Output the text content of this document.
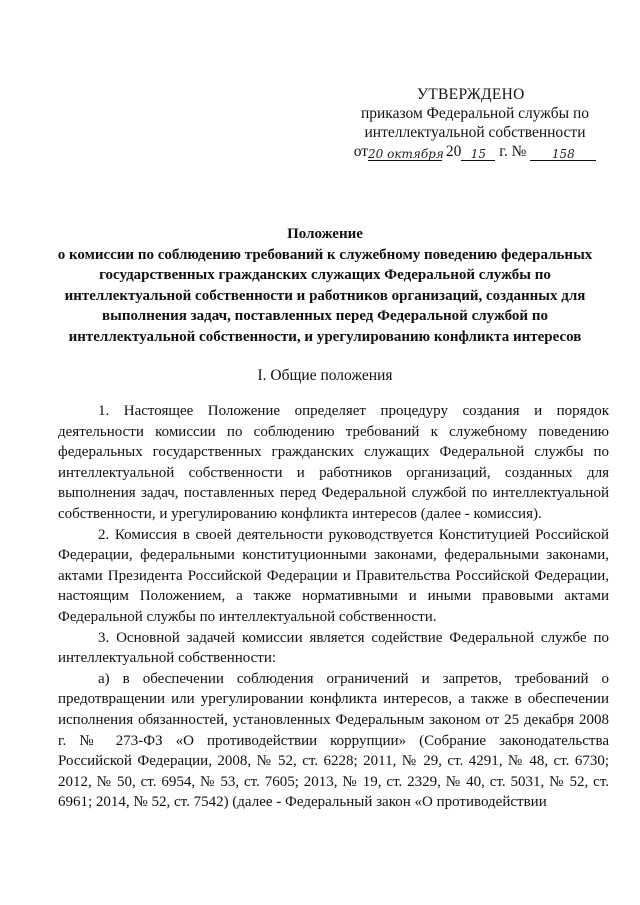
УТВЕРЖДЕНО
приказом Федеральной службы по
интеллектуальной собственности
от20 октября 20 15 г. № 158
Положение
о комиссии по соблюдению требований к служебному поведению федеральных
государственных гражданских служащих Федеральной службы по
интеллектуальной собственности и работников организаций, созданных для
выполнения задач, поставленных перед Федеральной службой по
интеллектуальной собственности, и урегулированию конфликта интересов
I. Общие положения

1. Настоящее Положение определяет процедуру создания и порядок деятельности комиссии по соблюдению требований к служебному поведению федеральных государственных гражданских служащих Федеральной службы по интеллектуальной собственности и работников организаций, созданных для выполнения задач, поставленных перед Федеральной службой по интеллектуальной собственности, и урегулированию конфликта интересов (далее - комиссия).

2. Комиссия в своей деятельности руководствуется Конституцией Российской Федерации, федеральными конституционными законами, федеральными законами, актами Президента Российской Федерации и Правительства Российской Федерации, настоящим Положением, а также нормативными и иными правовыми актами Федеральной службы по интеллектуальной собственности.

3. Основной задачей комиссии является содействие Федеральной службе по интеллектуальной собственности:

а) в обеспечении соблюдения ограничений и запретов, требований о предотвращении или урегулировании конфликта интересов, а также в обеспечении исполнения обязанностей, установленных Федеральным законом от 25 декабря 2008 г. № 273-ФЗ «О противодействии коррупции» (Собрание законодательства Российской Федерации, 2008, № 52, ст. 6228; 2011, № 29, ст. 4291, № 48, ст. 6730; 2012, № 50, ст. 6954, № 53, ст. 7605; 2013, № 19, ст. 2329, № 40, ст. 5031, № 52, ст. 6961; 2014, № 52, ст. 7542) (далее - Федеральный закон «О противодействии
